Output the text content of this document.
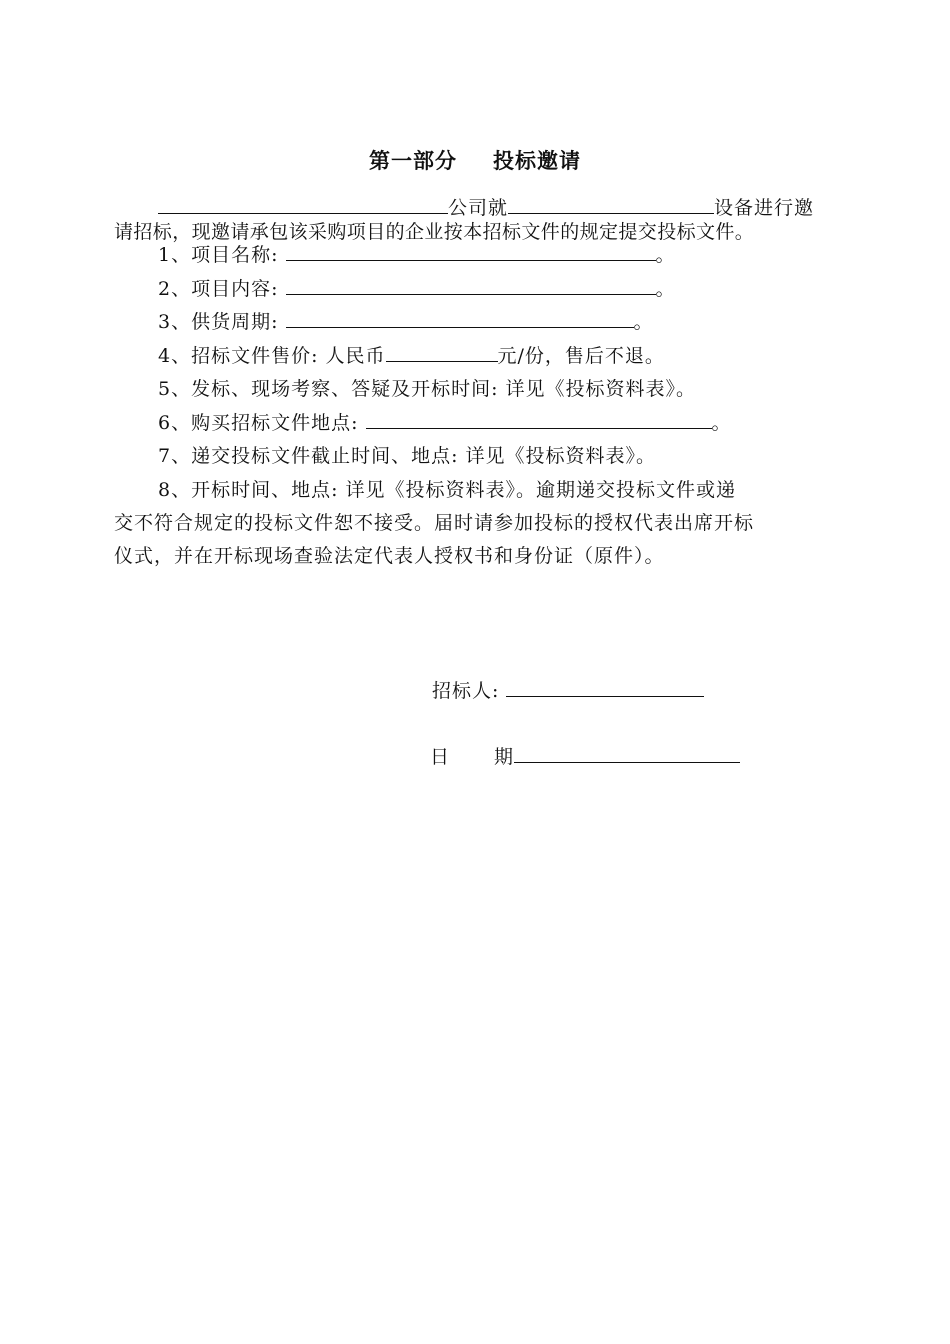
第一部分 投标邀请
公司就	设备进行邀
请招标，现邀请承包该采购项目的企业按本招标文件的规定提交投标文件。
1、项目名称:	。
2、项目内容:	。
3、供货周期:	。
4、招标文件售价: 人民币	元/份，售后不退。
5、发标、现场考察、答疑及开标时间: 详见《投标资料表》。
6、购买招标文件地点:	。
7、递交投标文件截止时间、地点: 详见《投标资料表》。
8、开标时间、地点: 详见《投标资料表》。逾期递交投标文件或递
交不符合规定的投标文件恕不接受。届时请参加投标的授权代表出席开标
仪式，并在开标现场查验法定代表人授权书和身份证（原件）。
招标人:
日 期
